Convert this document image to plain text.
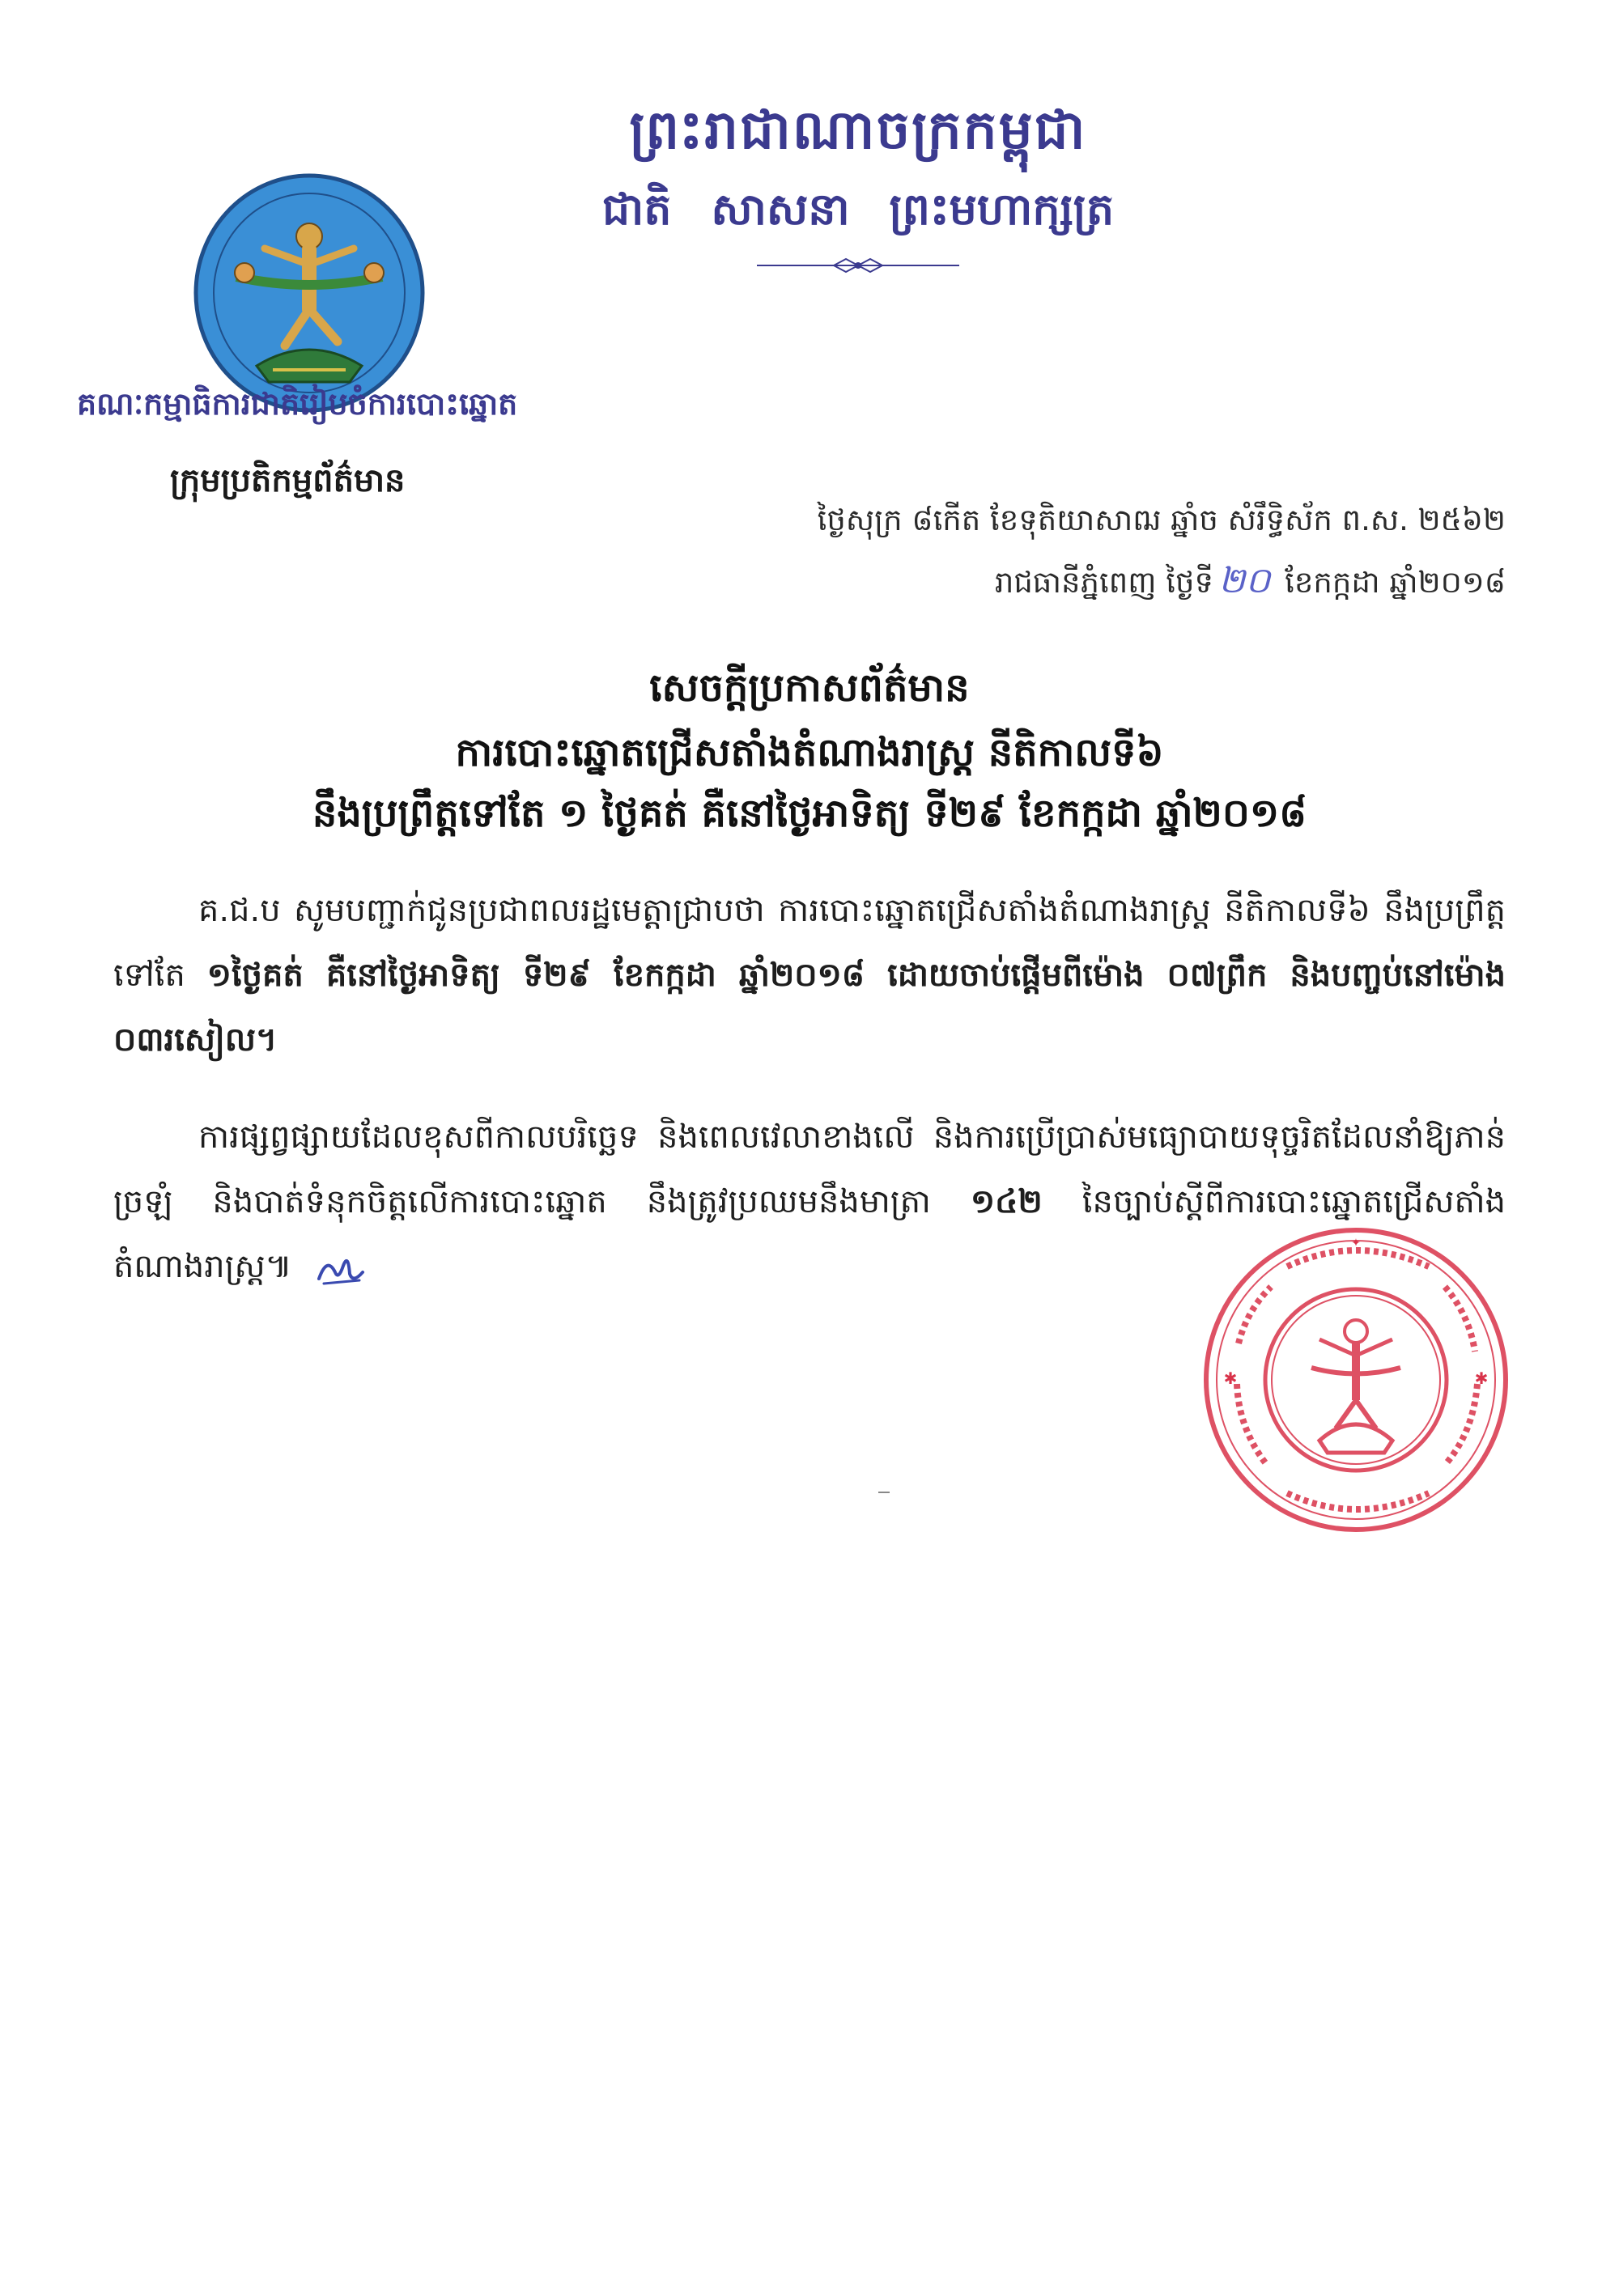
ព្រះរាជាណាចក្រកម្ពុជា
ជាតិ សាសនា ព្រះមហាក្សត្រ
គណៈកម្មាធិការជាតិរៀបចំការបោះឆ្នោត
ក្រុមប្រតិកម្មព័ត៌មាន
ថ្ងៃសុក្រ ៨កើត ខែទុតិយាសាឍ ឆ្នាំច សំរឹទ្ធិស័ក ព.ស. ២៥៦២
រាជធានីភ្នំពេញ ថ្ងៃទី ២០ ខែកក្កដា ឆ្នាំ២០១៨
សេចក្តីប្រកាសព័ត៌មាន
ការបោះឆ្នោតជ្រើសតាំងតំណាងរាស្ត្រ នីតិកាលទី៦
នឹងប្រព្រឹត្តទៅតែ ១ ថ្ងៃគត់ គឺនៅថ្ងៃអាទិត្យ ទី២៩ ខែកក្កដា ឆ្នាំ២០១៨
គ.ជ.ប សូមបញ្ជាក់ជូនប្រជាពលរដ្ឋមេត្តាជ្រាបថា ការបោះឆ្នោតជ្រើសតាំងតំណាងរាស្ត្រ នីតិកាលទី៦ នឹងប្រព្រឹត្តទៅតែ ១ថ្ងៃគត់ គឺនៅថ្ងៃអាទិត្យ ទី២៩ ខែកក្កដា ឆ្នាំ២០១៨ ដោយចាប់ផ្តើមពីម៉ោង ០៧ព្រឹក និងបញ្ចប់នៅម៉ោង ០៣រសៀល។
ការផ្សព្វផ្សាយដែលខុសពីកាលបរិច្ឆេទ និងពេលវេលាខាងលើ និងការប្រើប្រាស់មធ្យោបាយទុច្ចរិតដែលនាំឱ្យភាន់ច្រឡំ និងបាត់ទំនុកចិត្តលើការបោះឆ្នោត នឹងត្រូវប្រឈមនឹងមាត្រា ១៤២ នៃច្បាប់ស្តីពីការបោះឆ្នោតជ្រើសតាំងតំណាងរាស្ត្រ៕
✦
✱	✱
